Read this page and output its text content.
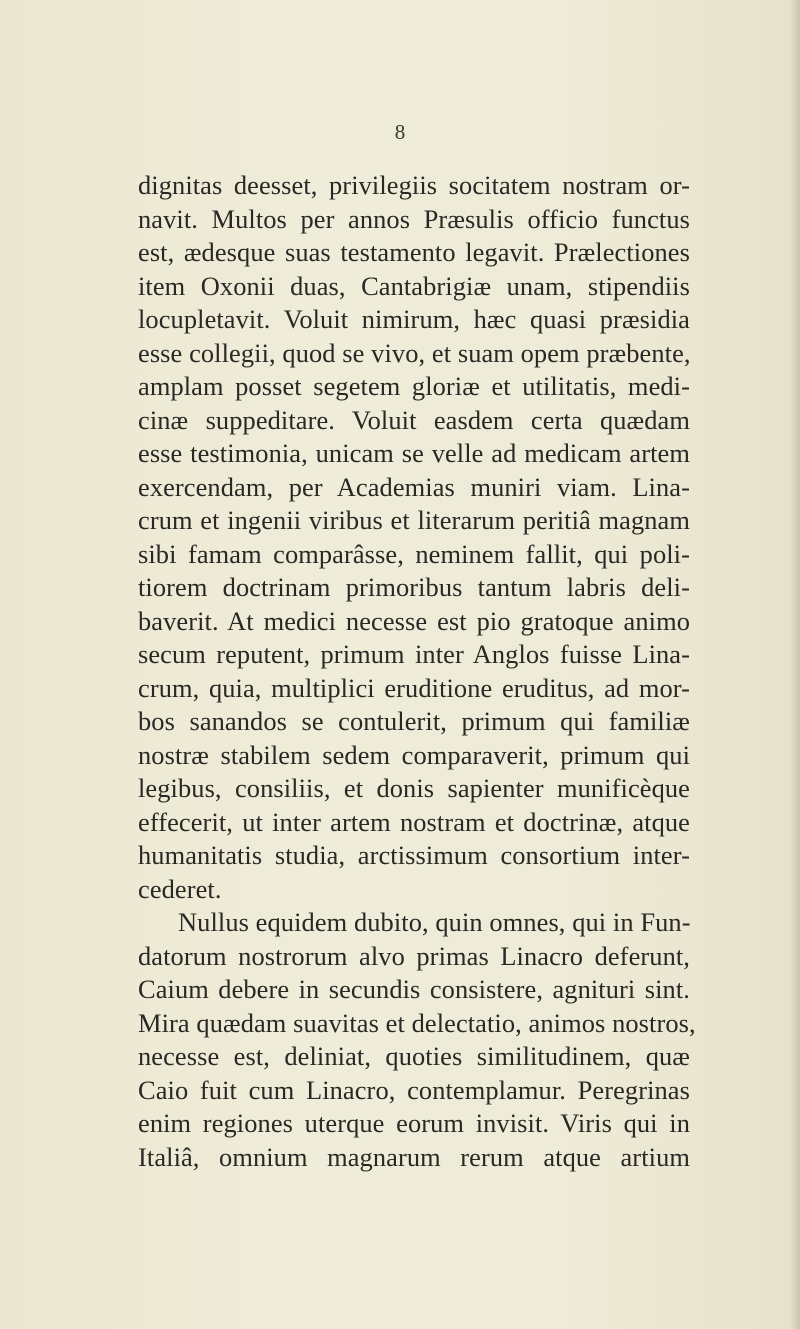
8
dignitas deesset, privilegiis socitatem nostram or-
navit. Multos per annos Præsulis officio functus
est, ædesque suas testamento legavit. Prælectiones
item Oxonii duas, Cantabrigiæ unam, stipendiis
locupletavit. Voluit nimirum, hæc quasi præsidia
esse collegii, quod se vivo, et suam opem præbente,
amplam posset segetem gloriæ et utilitatis, medi-
cinæ suppeditare. Voluit easdem certa quædam
esse testimonia, unicam se velle ad medicam artem
exercendam, per Academias muniri viam. Lina-
crum et ingenii viribus et literarum peritiâ magnam
sibi famam comparâsse, neminem fallit, qui poli-
tiorem doctrinam primoribus tantum labris deli-
baverit. At medici necesse est pio gratoque animo
secum reputent, primum inter Anglos fuisse Lina-
crum, quia, multiplici eruditione eruditus, ad mor-
bos sanandos se contulerit, primum qui familiæ
nostræ stabilem sedem comparaverit, primum qui
legibus, consiliis, et donis sapienter munificèque
effecerit, ut inter artem nostram et doctrinæ, atque
humanitatis studia, arctissimum consortium inter-
cederet.
Nullus equidem dubito, quin omnes, qui in Fun-
datorum nostrorum alvo primas Linacro deferunt,
Caium debere in secundis consistere, agnituri sint.
Mira quædam suavitas et delectatio, animos nostros,
necesse est, deliniat, quoties similitudinem, quæ
Caio fuit cum Linacro, contemplamur. Peregrinas
enim regiones uterque eorum invisit. Viris qui in
Italiâ, omnium magnarum rerum atque artium
